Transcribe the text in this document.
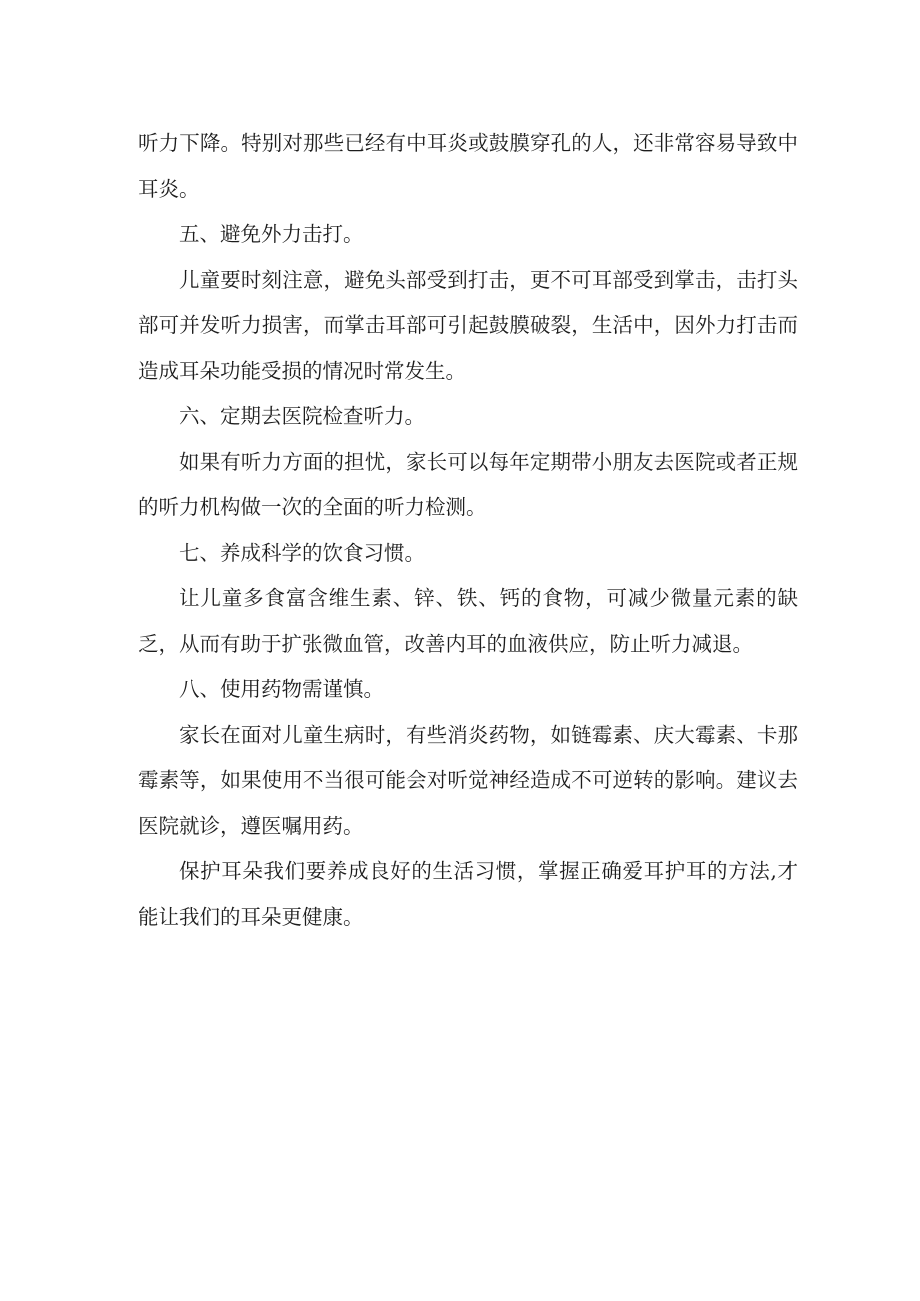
听力下降。特别对那些已经有中耳炎或鼓膜穿孔的人，还非常容易导致中耳炎。

五、避免外力击打。

儿童要时刻注意，避免头部受到打击，更不可耳部受到掌击，击打头部可并发听力损害，而掌击耳部可引起鼓膜破裂，生活中，因外力打击而造成耳朵功能受损的情况时常发生。

六、定期去医院检查听力。

如果有听力方面的担忧，家长可以每年定期带小朋友去医院或者正规的听力机构做一次的全面的听力检测。

七、养成科学的饮食习惯。

让儿童多食富含维生素、锌、铁、钙的食物，可减少微量元素的缺乏，从而有助于扩张微血管，改善内耳的血液供应，防止听力减退。

八、使用药物需谨慎。

家长在面对儿童生病时，有些消炎药物，如链霉素、庆大霉素、卡那霉素等，如果使用不当很可能会对听觉神经造成不可逆转的影响。建议去医院就诊，遵医嘱用药。

保护耳朵我们要养成良好的生活习惯，掌握正确爱耳护耳的方法,才能让我们的耳朵更健康。
